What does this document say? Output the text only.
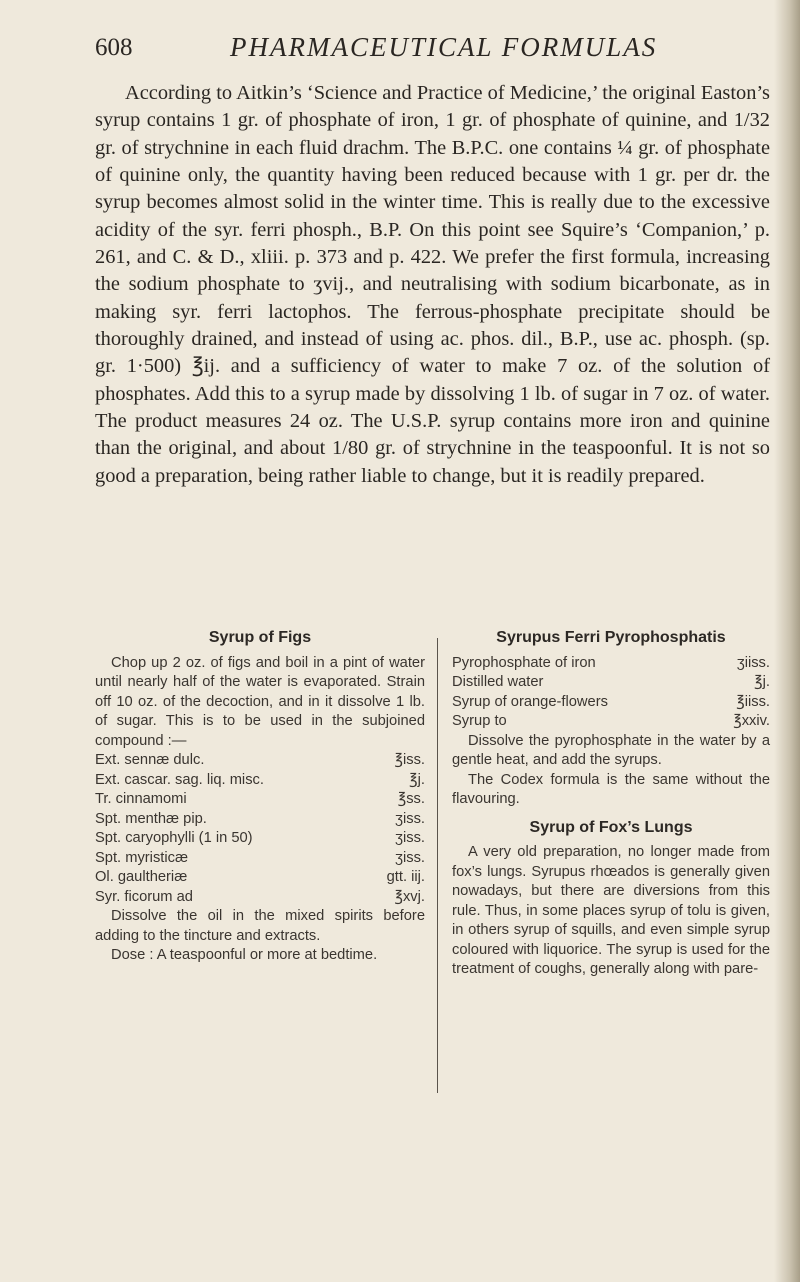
608	PHARMACEUTICAL FORMULAS

According to Aitkin’s ‘Science and Practice of Medicine,’ the original Easton’s syrup contains 1 gr. of phosphate of iron, 1 gr. of phosphate of quinine, and 1/32 gr. of strychnine in each fluid drachm. The B.P.C. one contains ¼ gr. of phosphate of quinine only, the quantity having been reduced because with 1 gr. per dr. the syrup becomes almost solid in the winter time. This is really due to the excessive acidity of the syr. ferri phosph., B.P. On this point see Squire’s ‘Companion,’ p. 261, and C. & D., xliii. p. 373 and p. 422. We prefer the first formula, increasing the sodium phosphate to ʒvij., and neutralising with sodium bicarbonate, as in making syr. ferri lactophos. The ferrous-phosphate precipitate should be thoroughly drained, and instead of using ac. phos. dil., B.P., use ac. phosph. (sp. gr. 1·500) ℥ij. and a sufficiency of water to make 7 oz. of the solution of phosphates. Add this to a syrup made by dissolving 1 lb. of sugar in 7 oz. of water. The product measures 24 oz. The U.S.P. syrup contains more iron and quinine than the original, and about 1/80 gr. of strychnine in the teaspoonful. It is not so good a preparation, being rather liable to change, but it is readily prepared.

Syrup of Figs

Chop up 2 oz. of figs and boil in a pint of water until nearly half of the water is evaporated. Strain off 10 oz. of the decoction, and in it dissolve 1 lb. of sugar. This is to be used in the subjoined compound :—

Ext. sennæ dulc.	℥iss.
Ext. cascar. sag. liq. misc.	℥j.
Tr. cinnamomi	℥ss.
Spt. menthæ pip.	ʒiss.
Spt. caryophylli (1 in 50)	ʒiss.
Spt. myristicæ	ʒiss.
Ol. gaultheriæ	gtt. iij.
Syr. ficorum ad	℥xvj.

Dissolve the oil in the mixed spirits before adding to the tincture and extracts.

Dose : A teaspoonful or more at bedtime.

Syrupus Ferri Pyrophosphatis
Pyrophosphate of iron	ʒiiss.
Distilled water	℥j.
Syrup of orange-flowers	℥iiss.
Syrup to	℥xxiv.

Dissolve the pyrophosphate in the water by a gentle heat, and add the syrups.

The Codex formula is the same without the flavouring.

Syrup of Fox’s Lungs

A very old preparation, no longer made from fox’s lungs. Syrupus rhœados is generally given nowadays, but there are diversions from this rule. Thus, in some places syrup of tolu is given, in others syrup of squills, and even simple syrup coloured with liquorice. The syrup is used for the treatment of coughs, generally along with pare-
